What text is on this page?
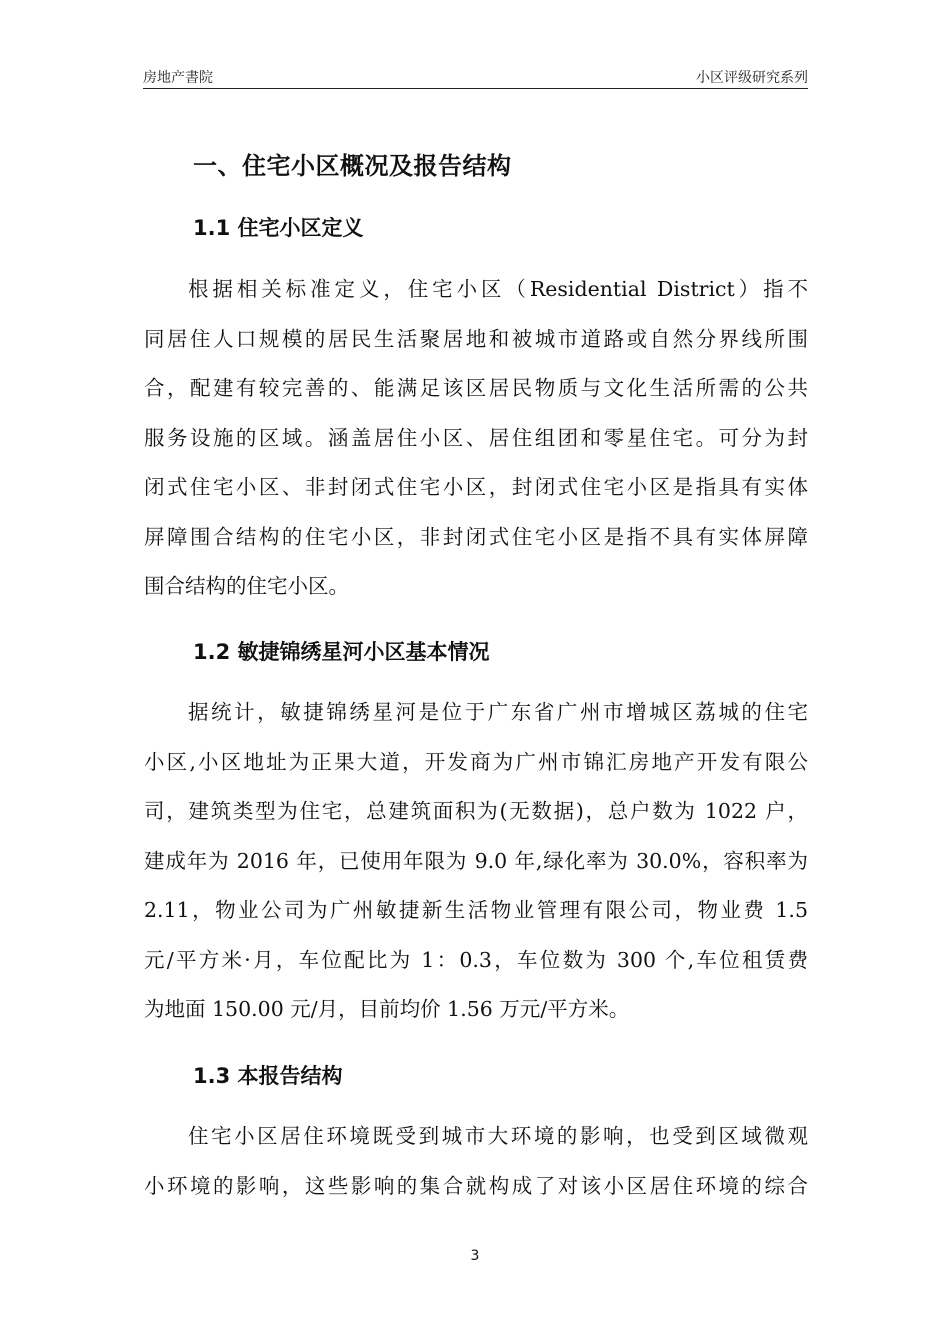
房地产書院	小区评级研究系列
一、住宅小区概况及报告结构
1.1 住宅小区定义
根据相关标准定义，住宅小区（Residential District）指不
同居住人口规模的居民生活聚居地和被城市道路或自然分界线所围
合，配建有较完善的、能满足该区居民物质与文化生活所需的公共
服务设施的区域。涵盖居住小区、居住组团和零星住宅。可分为封
闭式住宅小区、非封闭式住宅小区，封闭式住宅小区是指具有实体
屏障围合结构的住宅小区，非封闭式住宅小区是指不具有实体屏障
围合结构的住宅小区。
1.2 敏捷锦绣星河小区基本情况
据统计，敏捷锦绣星河是位于广东省广州市增城区荔城的住宅
小区,小区地址为正果大道，开发商为广州市锦汇房地产开发有限公
司，建筑类型为住宅，总建筑面积为(无数据)，总户数为 1022 户，
建成年为 2016 年，已使用年限为 9.0 年,绿化率为 30.0%，容积率为
2.11，物业公司为广州敏捷新生活物业管理有限公司，物业费 1.5
元/平方米·月，车位配比为 1：0.3，车位数为 300 个,车位租赁费
为地面 150.00 元/月，目前均价 1.56 万元/平方米。
1.3 本报告结构
住宅小区居住环境既受到城市大环境的影响，也受到区域微观
小环境的影响，这些影响的集合就构成了对该小区居住环境的综合
3
